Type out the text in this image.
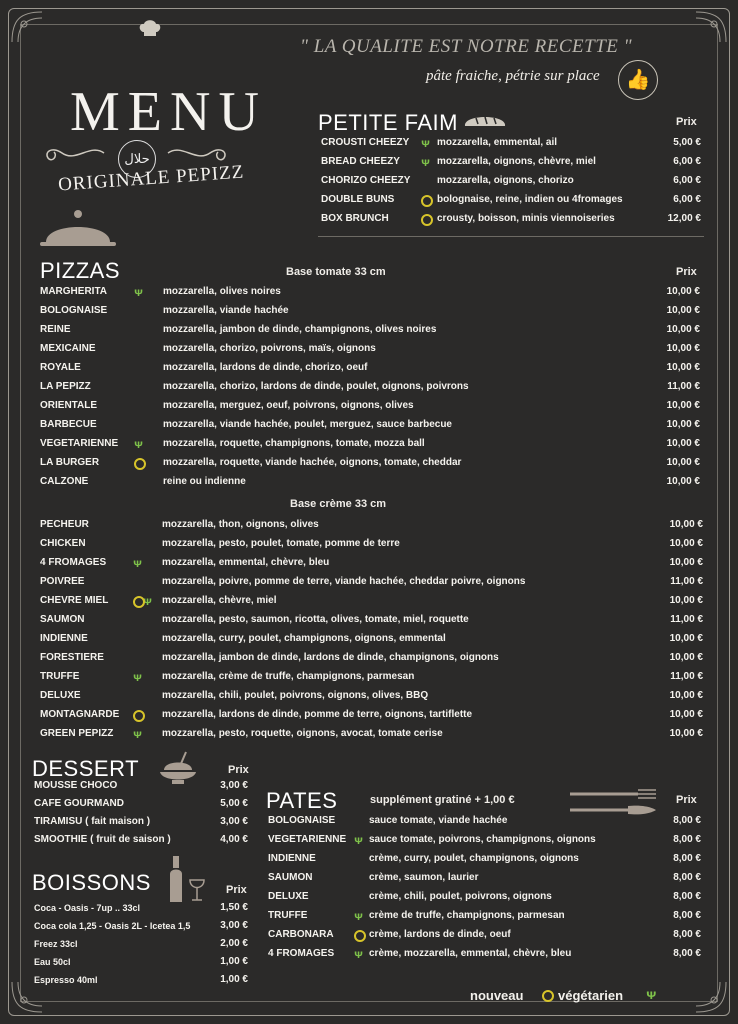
MENU
حلال
ORIGINALE PEPIZZ
" LA QUALITE EST NOTRE RECETTE "
pâte fraiche, pétrie sur place	👍
PETITE FAIM	Prix
CROUSTI CHEEZY ᴪ mozzarella, emmental, ail	5,00 €
BREAD CHEEZY ᴪ mozzarella, oignons, chèvre, miel	6,00 €
CHORIZO CHEEZY	mozzarella, oignons, chorizo	6,00 €
DOUBLE BUNS	bolognaise, reine, indien ou 4fromages	6,00 €
BOX BRUNCH	crousty, boisson, minis viennoiseries	12,00 €
PIZZAS	Base tomate 33 cm	Prix
MARGHERITA ᴪ mozzarella, olives noires	10,00 €
BOLOGNAISE	mozzarella, viande hachée	10,00 €
REINE	mozzarella, jambon de dinde, champignons, olives noires	10,00 €
MEXICAINE	mozzarella, chorizo, poivrons, maïs, oignons	10,00 €
ROYALE	mozzarella, lardons de dinde, chorizo, oeuf	10,00 €
LA PEPIZZ	mozzarella, chorizo, lardons de dinde, poulet, oignons, poivrons	11,00 €
ORIENTALE	mozzarella, merguez, oeuf, poivrons, oignons, olives	10,00 €
BARBECUE	mozzarella, viande hachée, poulet, merguez, sauce barbecue	10,00 €
VEGETARIENNE ᴪ mozzarella, roquette, champignons, tomate, mozza ball	10,00 €
LA BURGER	mozzarella, roquette, viande hachée, oignons, tomate, cheddar	10,00 €
CALZONE	reine ou indienne	10,00 €
Base crème 33 cm
PECHEUR	mozzarella, thon, oignons, olives	10,00 €
CHICKEN	mozzarella, pesto, poulet, tomate, pomme de terre	10,00 €
4 FROMAGES ᴪ mozzarella, emmental, chèvre, bleu	10,00 €
POIVREE	mozzarella, poivre, pomme de terre, viande hachée, cheddar poivre, oignons	11,00 €
CHEVRE MIEL	ᴪ mozzarella, chèvre, miel	10,00 €
SAUMON	mozzarella, pesto, saumon, ricotta, olives, tomate, miel, roquette	11,00 €
INDIENNE	mozzarella, curry, poulet, champignons, oignons, emmental	10,00 €
FORESTIERE	mozzarella, jambon de dinde, lardons de dinde, champignons, oignons	10,00 €
TRUFFE	ᴪ mozzarella, crème de truffe, champignons, parmesan	11,00 €
DELUXE	mozzarella, chili, poulet, poivrons, oignons, olives, BBQ	10,00 €
MONTAGNARDE	mozzarella, lardons de dinde, pomme de terre, oignons, tartiflette	10,00 €
GREEN PEPIZZ ᴪ mozzarella, pesto, roquette, oignons, avocat, tomate cerise	10,00 €
DESSERT	Prix
MOUSSE CHOCO	3,00 €
CAFE GOURMAND	5,00 €
TIRAMISU ( fait maison )	3,00 €
SMOOTHIE ( fruit de saison )	4,00 €
BOISSONS	Prix
Coca - Oasis - 7up .. 33cl	1,50 €
Coca cola 1,25 - Oasis 2L - Icetea 1,5	3,00 €
Freez 33cl	2,00 €
Eau 50cl	1,00 €
Espresso 40ml	1,00 €
PATES	supplément gratiné + 1,00 €	Prix
BOLOGNAISE	sauce tomate, viande hachée	8,00 €
VEGETARIENNE ᴪ sauce tomate, poivrons, champignons, oignons	8,00 €
INDIENNE	crème, curry, poulet, champignons, oignons	8,00 €
SAUMON	crème, saumon, laurier	8,00 €
DELUXE	crème, chili, poulet, poivrons, oignons	8,00 €
TRUFFE	ᴪ crème de truffe, champignons, parmesan	8,00 €
CARBONARA	crème, lardons de dinde, oeuf	8,00 €
4 FROMAGES ᴪ crème, mozzarella, emmental, chèvre, bleu	8,00 €
nouveau	végétarien ᴪ
